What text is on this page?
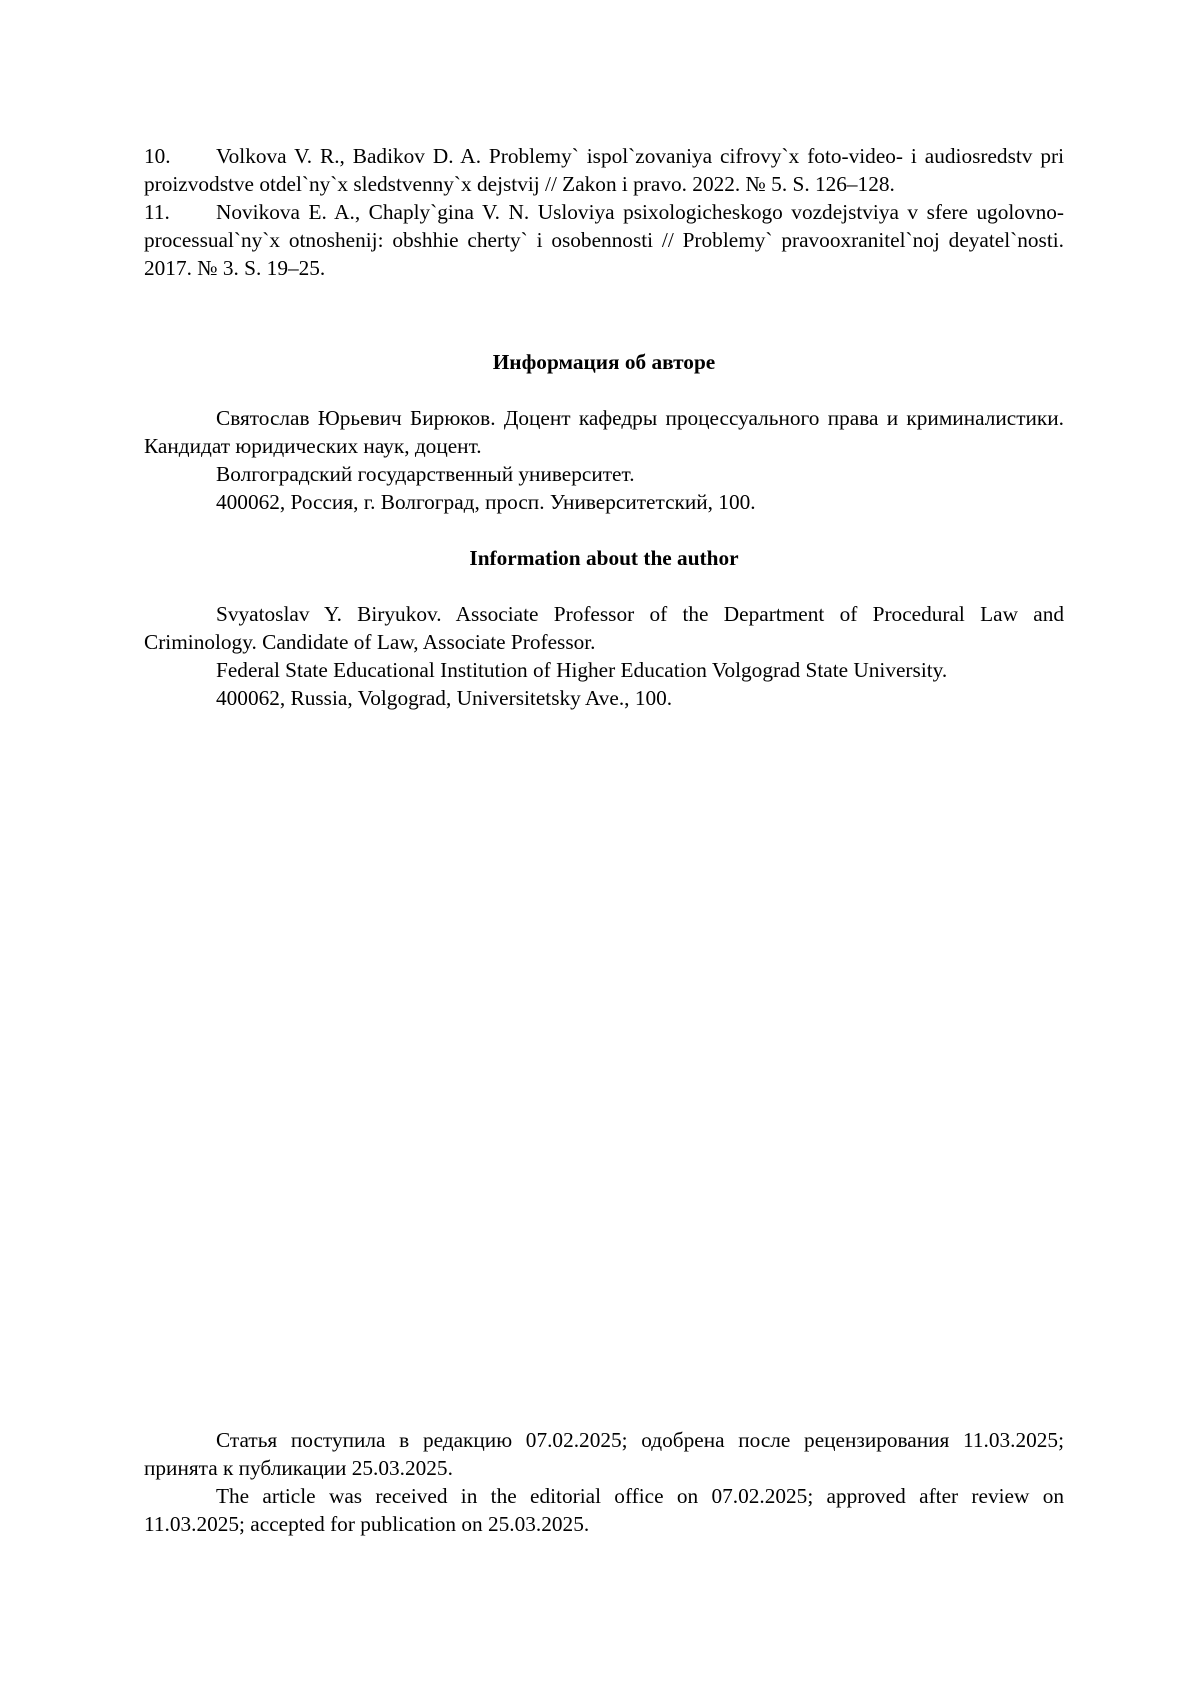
10. Volkova V. R., Badikov D. A. Problemy` ispol`zovaniya cifrovy`x foto-video- i audiosredstv pri proizvodstve otdel`ny`x sledstvenny`x dejstvij // Zakon i pravo. 2022. № 5. S. 126–128.

11. Novikova E. A., Chaply`gina V. N. Usloviya psixologicheskogo vozdejstviya v sfere ugolovno-processual`ny`x otnoshenij: obshhie cherty` i osobennosti // Problemy` pravooxranitel`noj deyatel`nosti. 2017. № 3. S. 19–25.

Информация об авторе

Святослав Юрьевич Бирюков. Доцент кафедры процессуального права и криминалистики. Кандидат юридических наук, доцент.

Волгоградский государственный университет.

400062, Россия, г. Волгоград, просп. Университетский, 100.

Information about the author

Svyatoslav Y. Biryukov. Associate Professor of the Department of Procedural Law and Criminology. Candidate of Law, Associate Professor.

Federal State Educational Institution of Higher Education Volgograd State University.

400062, Russia, Volgograd, Universitetsky Ave., 100.

Статья поступила в редакцию 07.02.2025; одобрена после рецензирования 11.03.2025; принята к публикации 25.03.2025.

The article was received in the editorial office on 07.02.2025; approved after review on 11.03.2025; accepted for publication on 25.03.2025.
